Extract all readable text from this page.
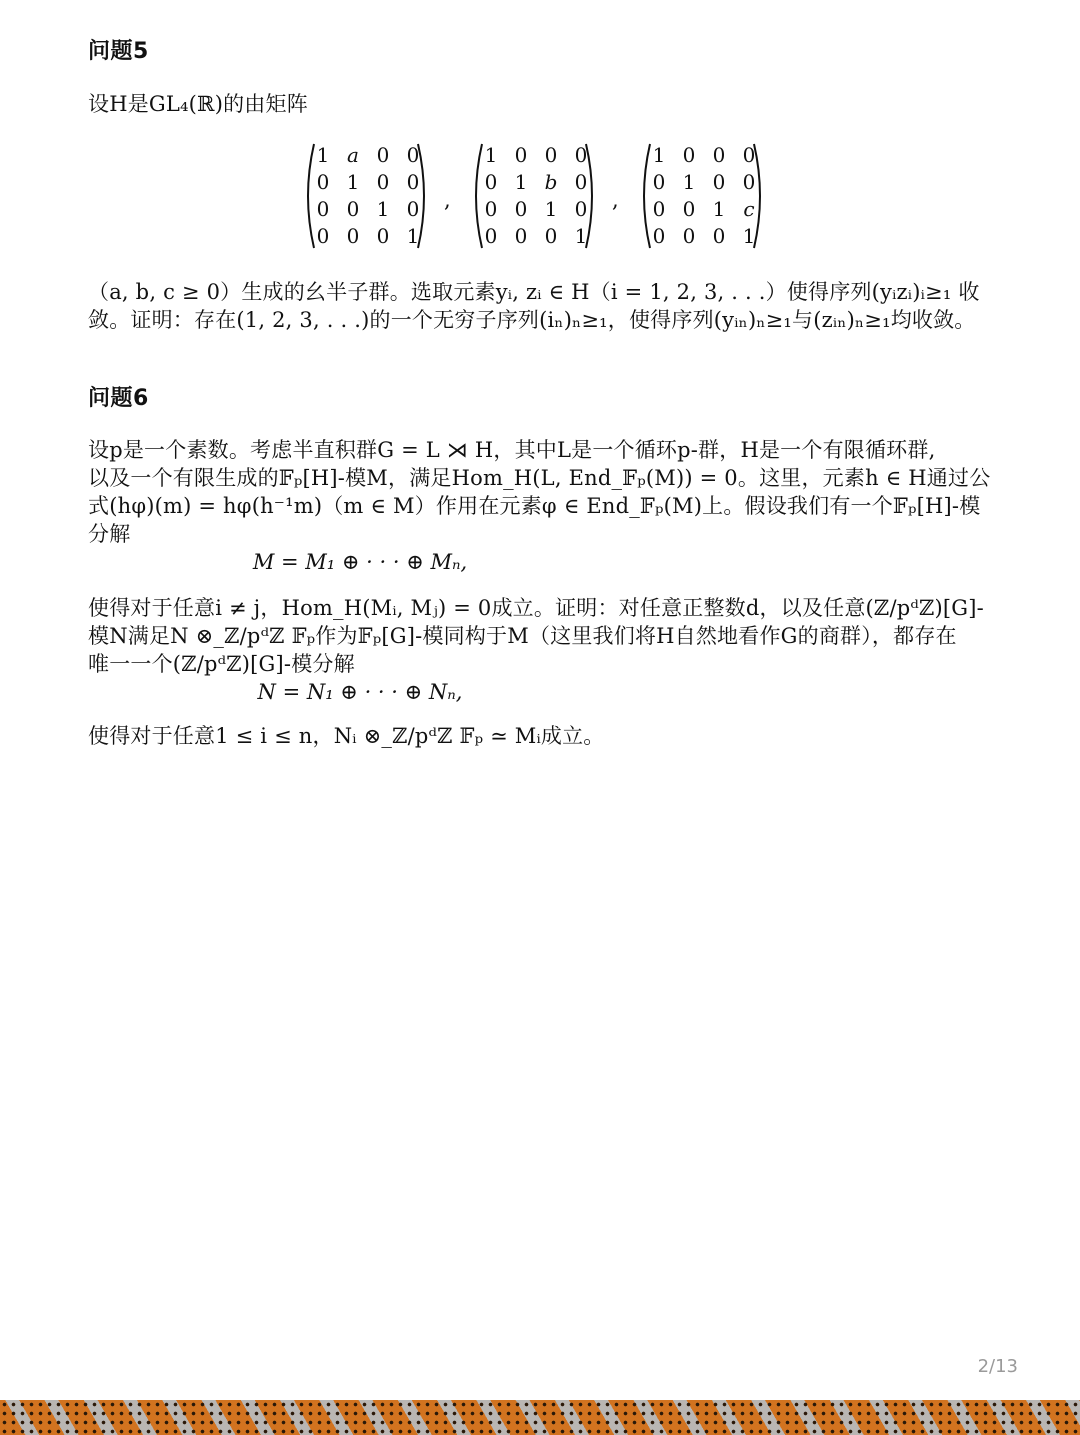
问题5
设H是GL₄(ℝ)的由矩阵
1 a 0 0
0 1 0 0
0 0 1 0
0 0 0 1
,
1 0 0 0
0 1 b 0
0 0 1 0
0 0 0 1
,
1 0 0 0
0 1 0 0
0 0 1 c
0 0 0 1
（a, b, c ≥ 0）生成的幺半子群。选取元素yᵢ, zᵢ ∈ H（i = 1, 2, 3, . . .）使得序列(yᵢzᵢ)ᵢ≥₁ 收
敛。证明：存在(1, 2, 3, . . .)的一个无穷子序列(iₙ)ₙ≥₁，使得序列(yᵢₙ)ₙ≥₁与(zᵢₙ)ₙ≥₁均收敛。
问题6
设p是一个素数。考虑半直积群G = L ⋊ H，其中L是一个循环p-群，H是一个有限循环群,
以及一个有限生成的𝔽ₚ[H]-模M，满足Hom_H(L, End_𝔽ₚ(M)) = 0。这里，元素h ∈ H通过公
式(hφ)(m) = hφ(h⁻¹m)（m ∈ M）作用在元素φ ∈ End_𝔽ₚ(M)上。假设我们有一个𝔽ₚ[H]-模
分解
M = M₁ ⊕ · · · ⊕ Mₙ,
使得对于任意i ≠ j，Hom_H(Mᵢ, Mⱼ) = 0成立。证明：对任意正整数d，以及任意(ℤ/pᵈℤ)[G]-
模N满足N ⊗_ℤ/pᵈℤ 𝔽ₚ作为𝔽ₚ[G]-模同构于M（这里我们将H自然地看作G的商群），都存在
唯一一个(ℤ/pᵈℤ)[G]-模分解
N = N₁ ⊕ · · · ⊕ Nₙ,
使得对于任意1 ≤ i ≤ n，Nᵢ ⊗_ℤ/pᵈℤ 𝔽ₚ ≃ Mᵢ成立。
2/13
